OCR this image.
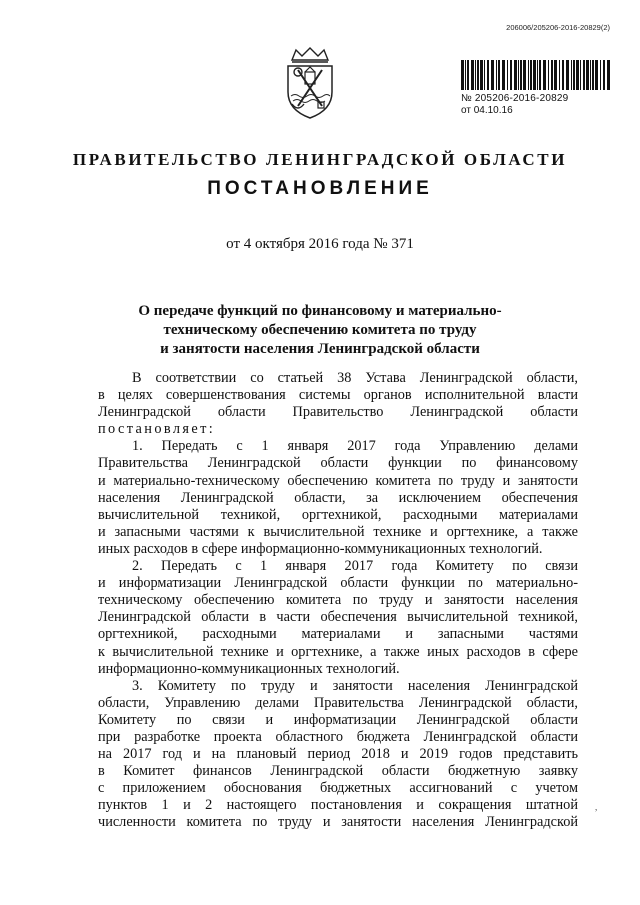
206006/205206-2016-20829(2)
№ 205206-2016-20829
от 04.10.16
ПРАВИТЕЛЬСТВО ЛЕНИНГРАДСКОЙ ОБЛАСТИ
ПОСТАНОВЛЕНИЕ
от 4 октября 2016 года № 371
О передаче функций по финансовому и материально-
техническому обеспечению комитета по труду
и занятости населения Ленинградской области
В соответствии со статьей 38 Устава Ленинградской области,
в целях совершенствования системы органов исполнительной власти
Ленинградской области Правительство Ленинградской области
постановляет:
1. Передать с 1 января 2017 года Управлению делами
Правительства Ленинградской области функции по финансовому
и материально-техническому обеспечению комитета по труду и занятости
населения Ленинградской области, за исключением обеспечения
вычислительной техникой, оргтехникой, расходными материалами
и запасными частями к вычислительной технике и оргтехнике, а также
иных расходов в сфере информационно-коммуникационных технологий.
2. Передать с 1 января 2017 года Комитету по связи
и информатизации Ленинградской области функции по материально-
техническому обеспечению комитета по труду и занятости населения
Ленинградской области в части обеспечения вычислительной техникой,
оргтехникой, расходными материалами и запасными частями
к вычислительной технике и оргтехнике, а также иных расходов в сфере
информационно-коммуникационных технологий.
3. Комитету по труду и занятости населения Ленинградской
области, Управлению делами Правительства Ленинградской области,
Комитету по связи и информатизации Ленинградской области
при разработке проекта областного бюджета Ленинградской области
на 2017 год и на плановый период 2018 и 2019 годов представить
в Комитет финансов Ленинградской области бюджетную заявку
с приложением обоснования бюджетных ассигнований с учетом
пунктов 1 и 2 настоящего постановления и сокращения штатной
численности комитета по труду и занятости населения Ленинградской
,
